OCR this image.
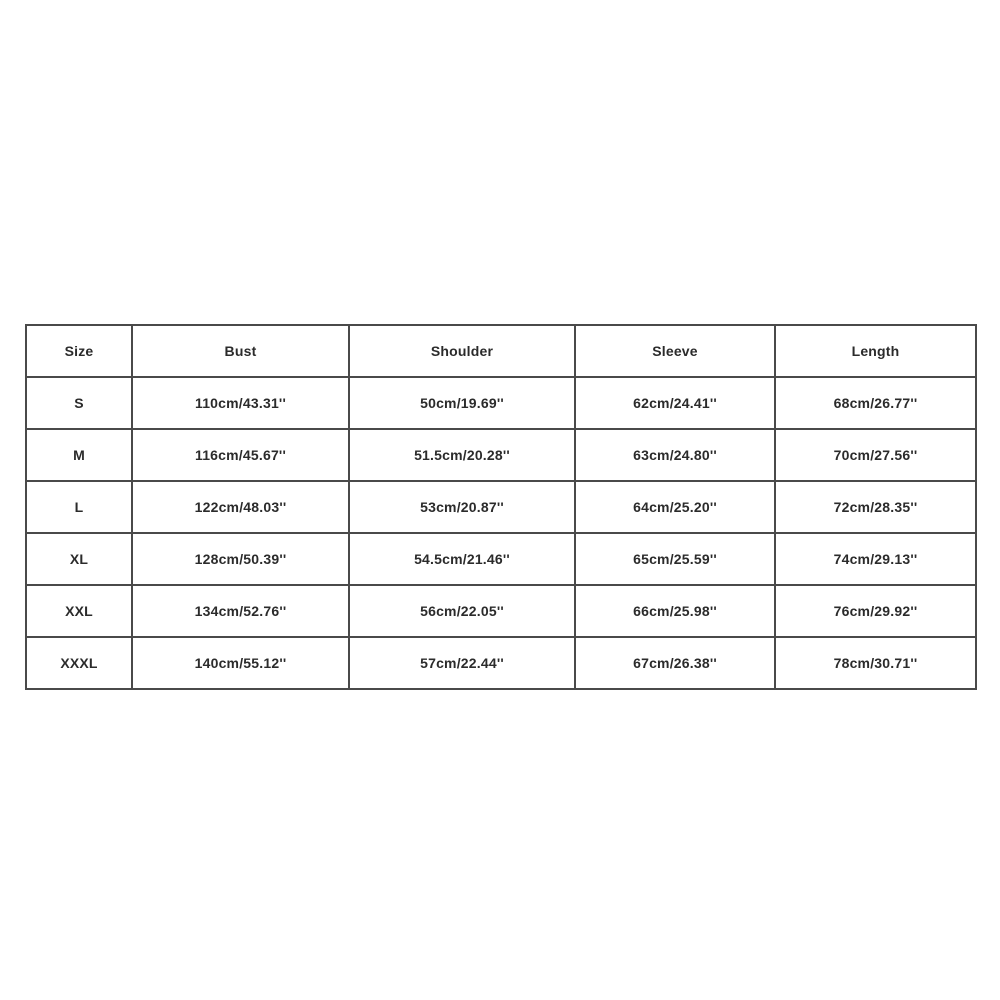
Size	Bust	Shoulder	Sleeve	Length
S	110cm/43.31''	50cm/19.69''	62cm/24.41''	68cm/26.77''
M	116cm/45.67''	51.5cm/20.28''	63cm/24.80''	70cm/27.56''
L	122cm/48.03''	53cm/20.87''	64cm/25.20''	72cm/28.35''
XL	128cm/50.39''	54.5cm/21.46''	65cm/25.59''	74cm/29.13''
XXL	134cm/52.76''	56cm/22.05''	66cm/25.98''	76cm/29.92''
XXXL	140cm/55.12''	57cm/22.44''	67cm/26.38''	78cm/30.71''
